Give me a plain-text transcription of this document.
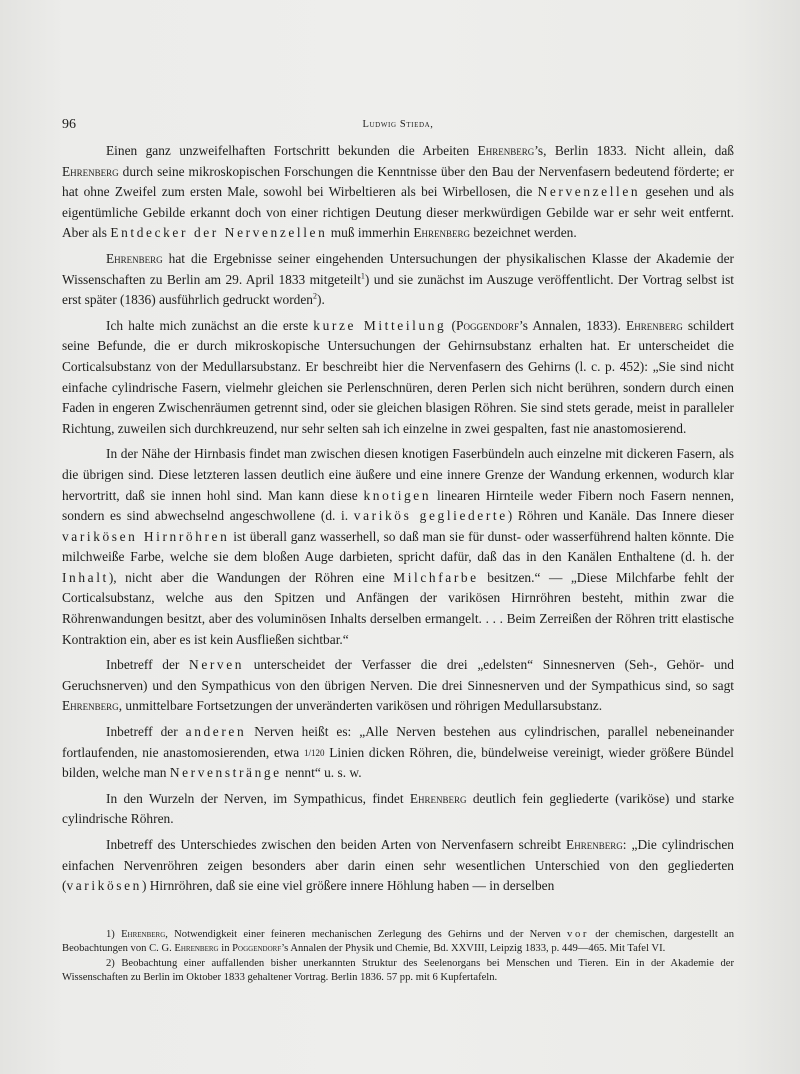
96	Ludwig Stieda,

Einen ganz unzweifelhaften Fortschritt bekunden die Arbeiten Ehrenberg’s, Berlin 1833. Nicht allein, daß Ehrenberg durch seine mikroskopischen Forschungen die Kenntnisse über den Bau der Nervenfasern bedeutend förderte; er hat ohne Zweifel zum ersten Male, sowohl bei Wirbeltieren als bei Wirbellosen, die Nervenzellen gesehen und als eigentümliche Gebilde erkannt doch von einer richtigen Deutung dieser merkwürdigen Gebilde war er sehr weit entfernt. Aber als Entdecker der Nervenzellen muß immerhin Ehrenberg bezeichnet werden.

Ehrenberg hat die Ergebnisse seiner eingehenden Untersuchungen der physikalischen Klasse der Akademie der Wissenschaften zu Berlin am 29. April 1833 mitgeteilt$^1$) und sie zunächst im Auszuge veröffentlicht. Der Vortrag selbst ist erst später (1836) ausführlich gedruckt worden$^2$).

Ich halte mich zunächst an die erste kurze Mitteilung (Poggendorf’s Annalen, 1833). Ehrenberg schildert seine Befunde, die er durch mikroskopische Untersuchungen der Gehirnsubstanz erhalten hat. Er unterscheidet die Corticalsubstanz von der Medullarsubstanz. Er beschreibt hier die Nervenfasern des Gehirns (l. c. p. 452): „Sie sind nicht einfache cylindrische Fasern, vielmehr gleichen sie Perlenschnüren, deren Perlen sich nicht berühren, sondern durch einen Faden in engeren Zwischenräumen getrennt sind, oder sie gleichen blasigen Röhren. Sie sind stets gerade, meist in paralleler Richtung, zuweilen sich durchkreuzend, nur sehr selten sah ich einzelne in zwei gespalten, fast nie anastomosierend.

In der Nähe der Hirnbasis findet man zwischen diesen knotigen Faserbündeln auch einzelne mit dickeren Fasern, als die übrigen sind. Diese letzteren lassen deutlich eine äußere und eine innere Grenze der Wandung erkennen, wodurch klar hervortritt, daß sie innen hohl sind. Man kann diese knotigen linearen Hirnteile weder Fibern noch Fasern nennen, sondern es sind abwechselnd angeschwollene (d. i. varikös gegliederte) Röhren und Kanäle. Das Innere dieser varikösen Hirnröhren ist überall ganz wasserhell, so daß man sie für dunst- oder wasserführend halten könnte. Die milchweiße Farbe, welche sie dem bloßen Auge darbieten, spricht dafür, daß das in den Kanälen Enthaltene (d. h. der Inhalt), nicht aber die Wandungen der Röhren eine Milchfarbe besitzen.“ — „Diese Milchfarbe fehlt der Corticalsubstanz, welche aus den Spitzen und Anfängen der varikösen Hirnröhren besteht, mithin zwar die Röhrenwandungen besitzt, aber des voluminösen Inhalts derselben ermangelt. . . . Beim Zerreißen der Röhren tritt elastische Kontraktion ein, aber es ist kein Ausfließen sichtbar.“

Inbetreff der Nerven unterscheidet der Verfasser die drei „edelsten“ Sinnesnerven (Seh-, Gehör- und Geruchsnerven) und den Sympathicus von den übrigen Nerven. Die drei Sinnesnerven und der Sympathicus sind, so sagt Ehrenberg, unmittelbare Fortsetzungen der unveränderten varikösen und röhrigen Medullarsubstanz.

Inbetreff der anderen Nerven heißt es: „Alle Nerven bestehen aus cylindrischen, parallel nebeneinander fortlaufenden, nie anastomosierenden, etwa 1/120 Linien dicken Röhren, die, bündelweise vereinigt, wieder größere Bündel bilden, welche man Nervenstränge nennt“ u. s. w.

In den Wurzeln der Nerven, im Sympathicus, findet Ehrenberg deutlich fein gegliederte (variköse) und starke cylindrische Röhren.

Inbetreff des Unterschiedes zwischen den beiden Arten von Nervenfasern schreibt Ehrenberg: „Die cylindrischen einfachen Nervenröhren zeigen besonders aber darin einen sehr wesentlichen Unterschied von den gegliederten (varikösen) Hirnröhren, daß sie eine viel größere innere Höhlung haben — in derselben

1) Ehrenberg, Notwendigkeit einer feineren mechanischen Zerlegung des Gehirns und der Nerven vor der chemischen, dargestellt an Beobachtungen von C. G. Ehrenberg in Poggendorf’s Annalen der Physik und Chemie, Bd. XXVIII, Leipzig 1833, p. 449—465. Mit Tafel VI.

2) Beobachtung einer auffallenden bisher unerkannten Struktur des Seelenorgans bei Menschen und Tieren. Ein in der Akademie der Wissenschaften zu Berlin im Oktober 1833 gehaltener Vortrag. Berlin 1836. 57 pp. mit 6 Kupfertafeln.
